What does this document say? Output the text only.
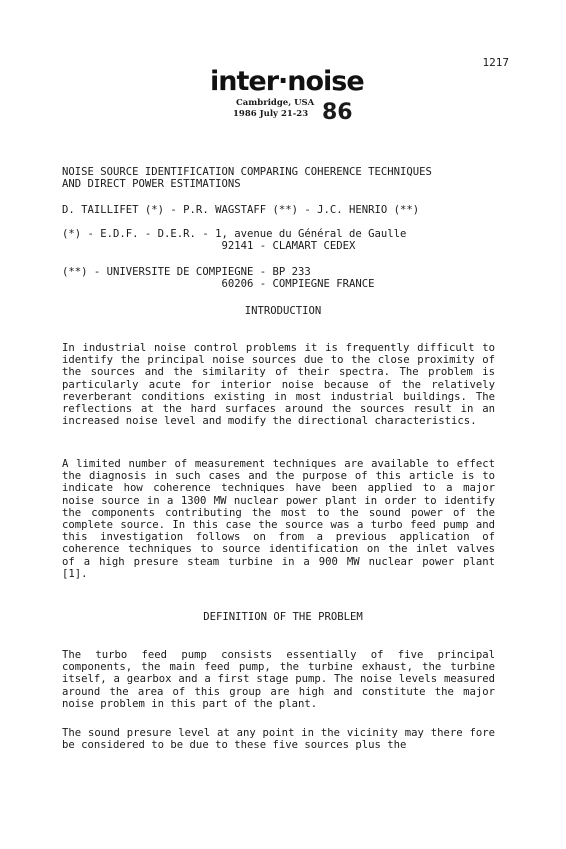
1217
inter·noise
Cambridge, USA
1986 July 21-23 86

NOISE SOURCE IDENTIFICATION COMPARING COHERENCE TECHNIQUES

AND DIRECT POWER ESTIMATIONS

D. TAILLIFET (*) - P.R. WAGSTAFF (**) - J.C. HENRIO (**)

(*) - E.D.F. - D.E.R. - 1, avenue du Général de Gaulle

92141 - CLAMART CEDEX

(**) - UNIVERSITE DE COMPIEGNE - BP 233

60206 - COMPIEGNE FRANCE

INTRODUCTION

In industrial noise control problems it is frequently difficult to identify the principal noise sources due to the close proximity of the sources and the similarity of their spectra. The problem is particularly acute for interior noise because of the relatively reverberant conditions existing in most industrial buildings. The reflections at the hard surfaces around the sources result in an increased noise level and modify the directional characteristics.

A limited number of measurement techniques are available to effect the diagnosis in such cases and the purpose of this article is to indicate how coherence techniques have been applied to a major noise source in a 1300 MW nuclear power plant in order to identify the components contributing the most to the sound power of the complete source. In this case the source was a turbo feed pump and this investigation follows on from a previous application of coherence techniques to source identification on the inlet valves of a high presure steam turbine in a 900 MW nuclear power plant [1].

DEFINITION OF THE PROBLEM

The turbo feed pump consists essentially of five principal components, the main feed pump, the turbine exhaust, the turbine itself, a gearbox and a first stage pump. The noise levels measured around the area of this group are high and constitute the major noise problem in this part of the plant.

The sound presure level at any point in the vicinity may there fore be considered to be due to these five sources plus the
